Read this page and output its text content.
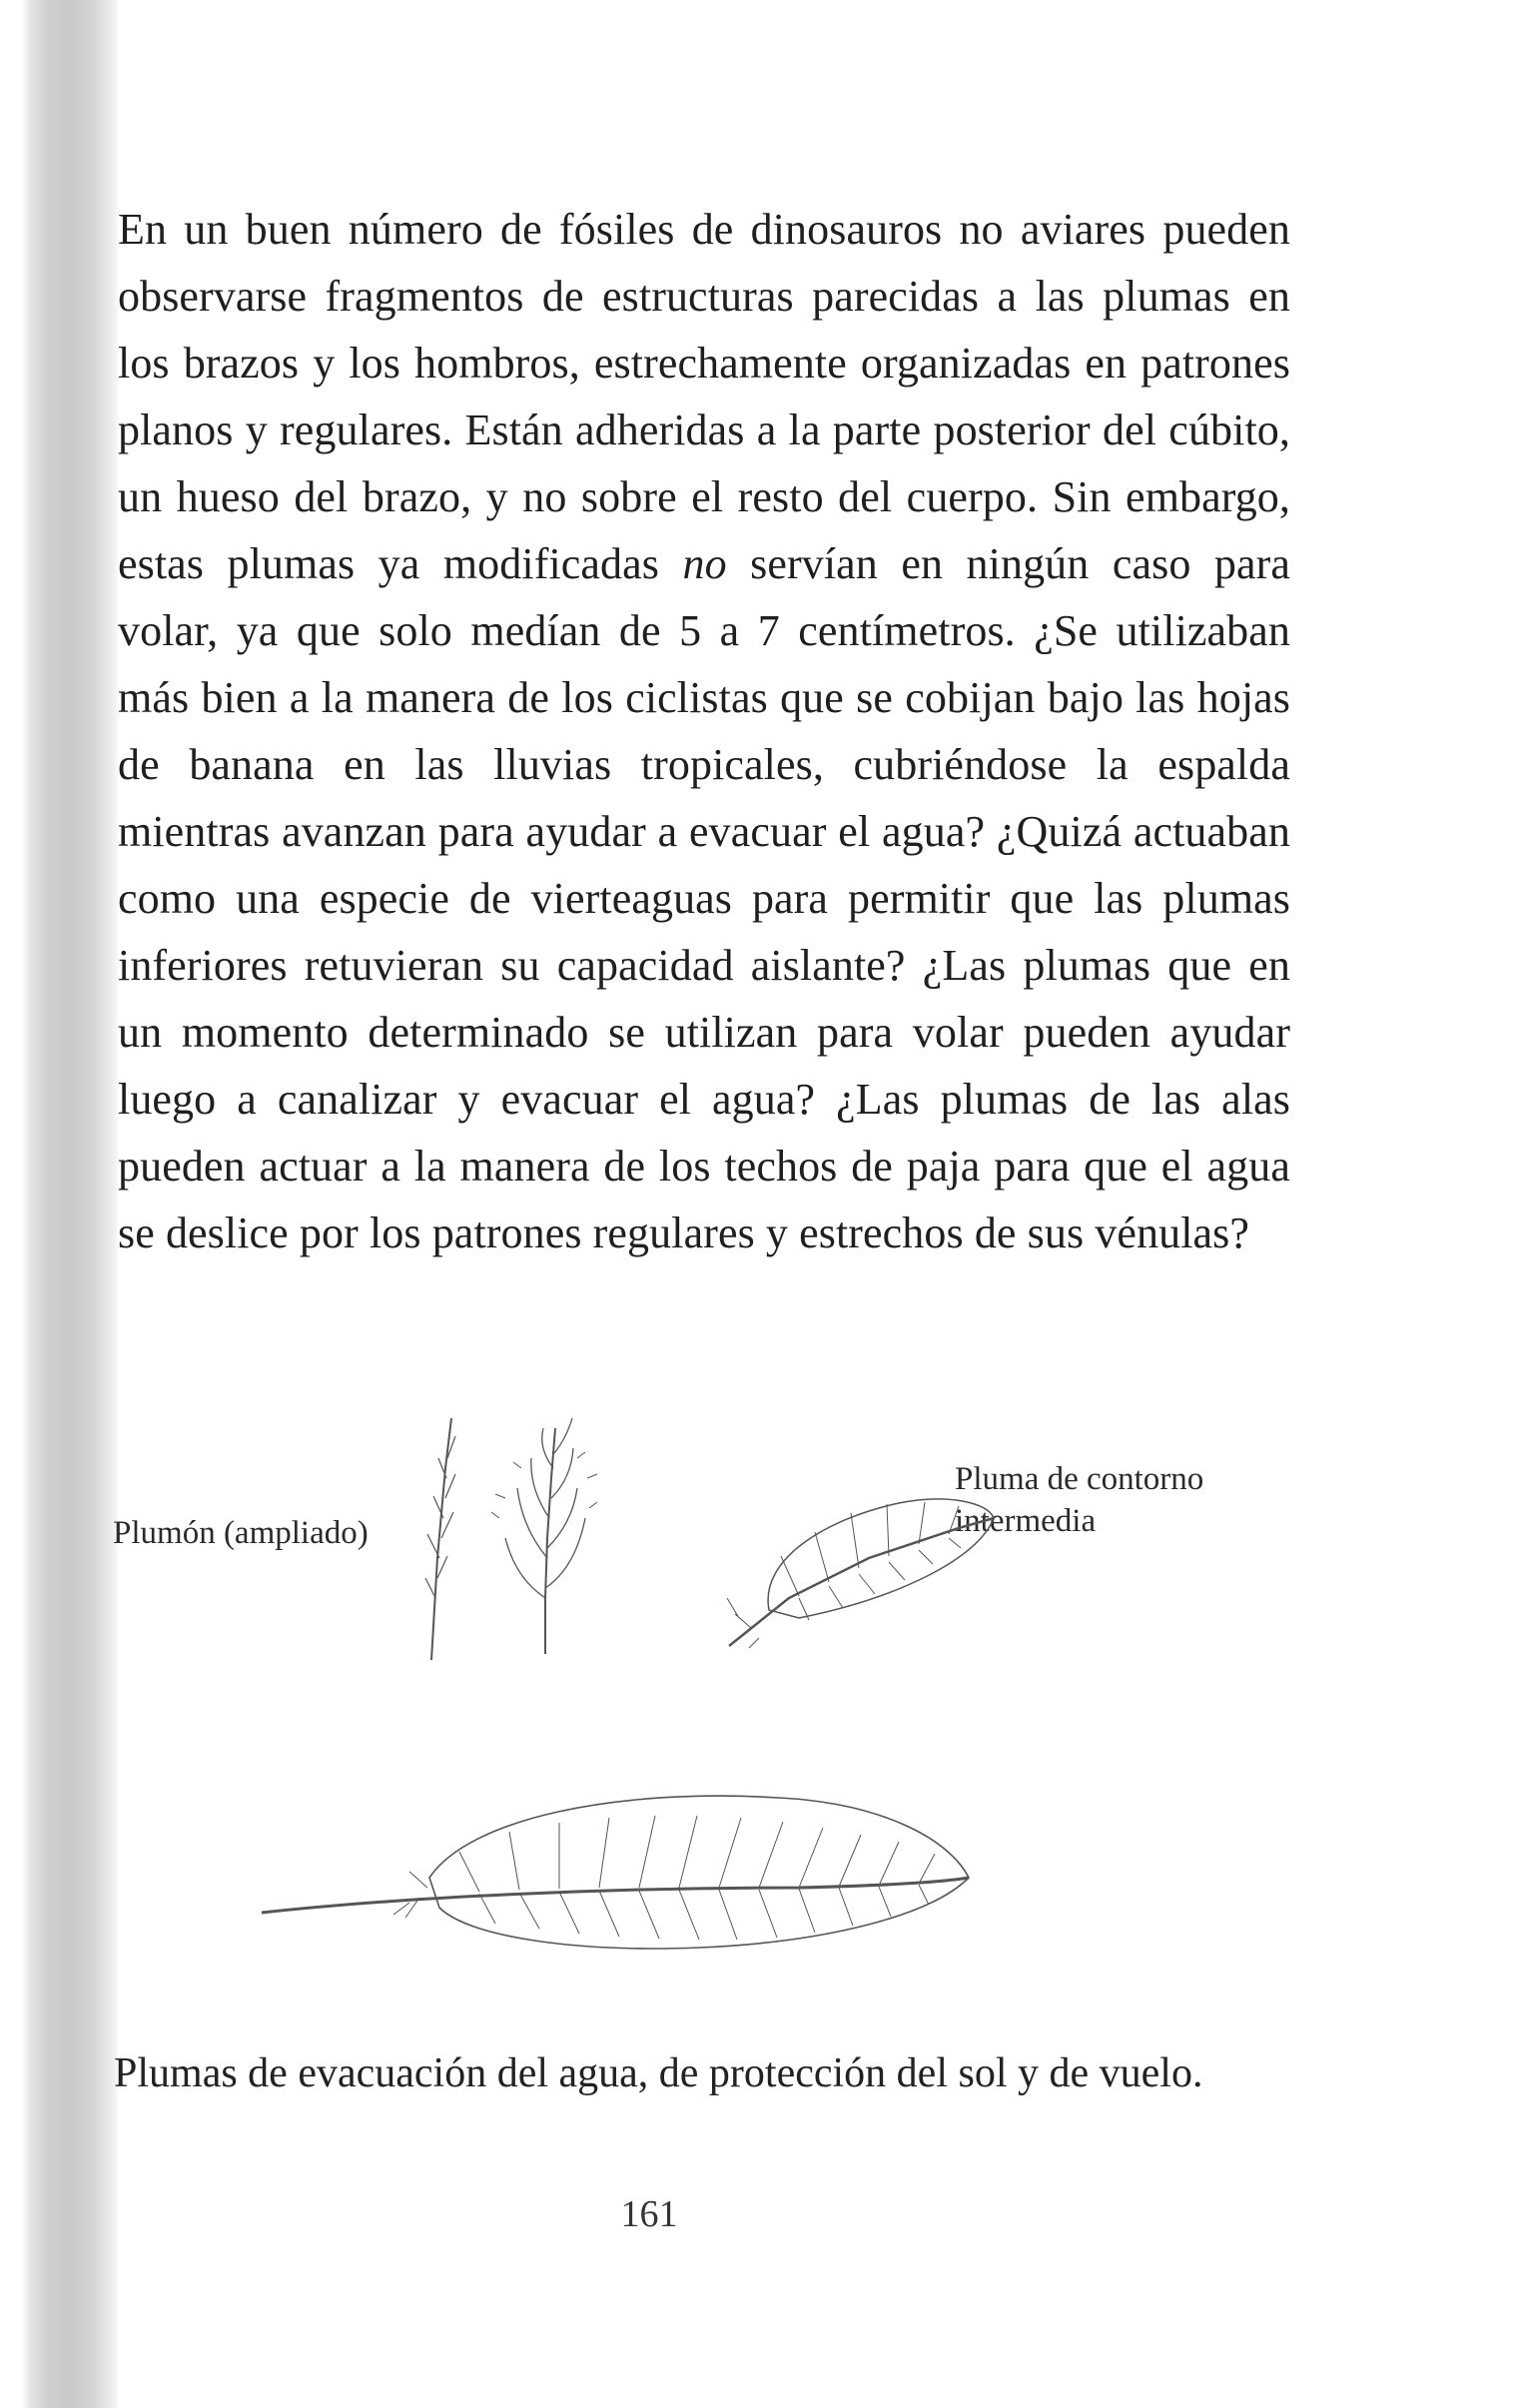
En un buen número de fósiles de dinosauros no aviares pueden observarse fragmentos de estructuras parecidas a las plumas en los brazos y los hombros, estrechamente organizadas en patrones planos y regulares. Están adheridas a la parte posterior del cúbito, un hueso del brazo, y no sobre el resto del cuerpo. Sin embargo, estas plumas ya modificadas no servían en ningún caso para volar, ya que solo medían de 5 a 7 centímetros. ¿Se utilizaban más bien a la manera de los ciclistas que se cobijan bajo las hojas de banana en las lluvias tropicales, cubriéndose la espalda mientras avanzan para ayudar a evacuar el agua? ¿Quizá actuaban como una especie de vierteaguas para permitir que las plumas inferiores retuvieran su capacidad aislante? ¿Las plumas que en un momento determinado se utilizan para volar pueden ayudar luego a canalizar y evacuar el agua? ¿Las plumas de las alas pueden actuar a la manera de los techos de paja para que el agua se deslice por los patrones regulares y estrechos de sus vénulas?

Plumón (ampliado)
Pluma de contorno
intermedia
Plumas de evacuación del agua, de protección del sol y de vuelo.
161
